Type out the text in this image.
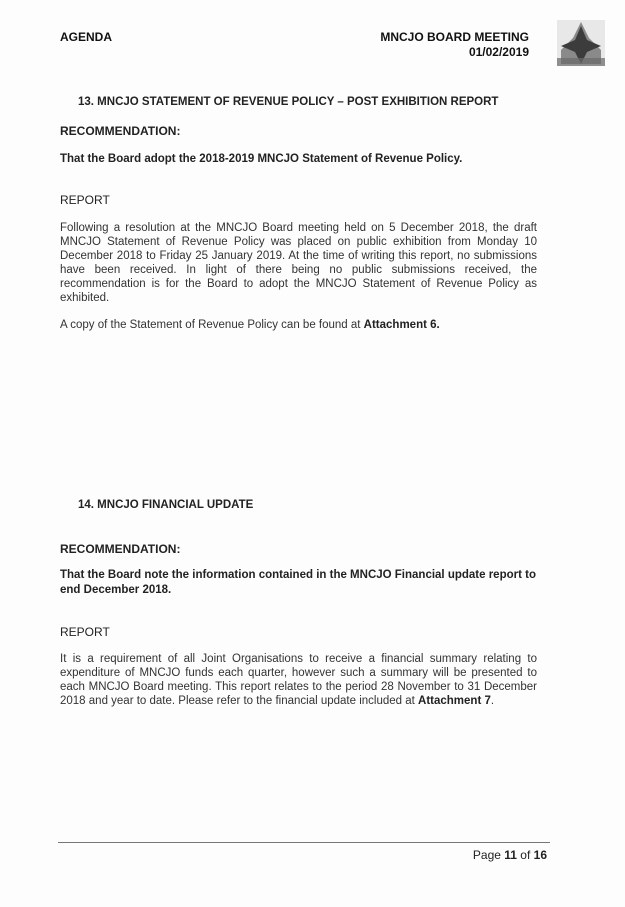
AGENDA	MNCJO BOARD MEETING
01/02/2019
13. MNCJO STATEMENT OF REVENUE POLICY – POST EXHIBITION REPORT
RECOMMENDATION:
That the Board adopt the 2018-2019 MNCJO Statement of Revenue Policy.
REPORT
Following a resolution at the MNCJO Board meeting held on 5 December 2018, the draft MNCJO Statement of Revenue Policy was placed on public exhibition from Monday 10 December 2018 to Friday 25 January 2019. At the time of writing this report, no submissions have been received. In light of there being no public submissions received, the recommendation is for the Board to adopt the MNCJO Statement of Revenue Policy as exhibited.
A copy of the Statement of Revenue Policy can be found at Attachment 6.
14. MNCJO FINANCIAL UPDATE
RECOMMENDATION:
That the Board note the information contained in the MNCJO Financial update report to end December 2018.
REPORT
It is a requirement of all Joint Organisations to receive a financial summary relating to expenditure of MNCJO funds each quarter, however such a summary will be presented to each MNCJO Board meeting. This report relates to the period 28 November to 31 December 2018 and year to date. Please refer to the financial update included at Attachment 7.
Page 11 of 16
